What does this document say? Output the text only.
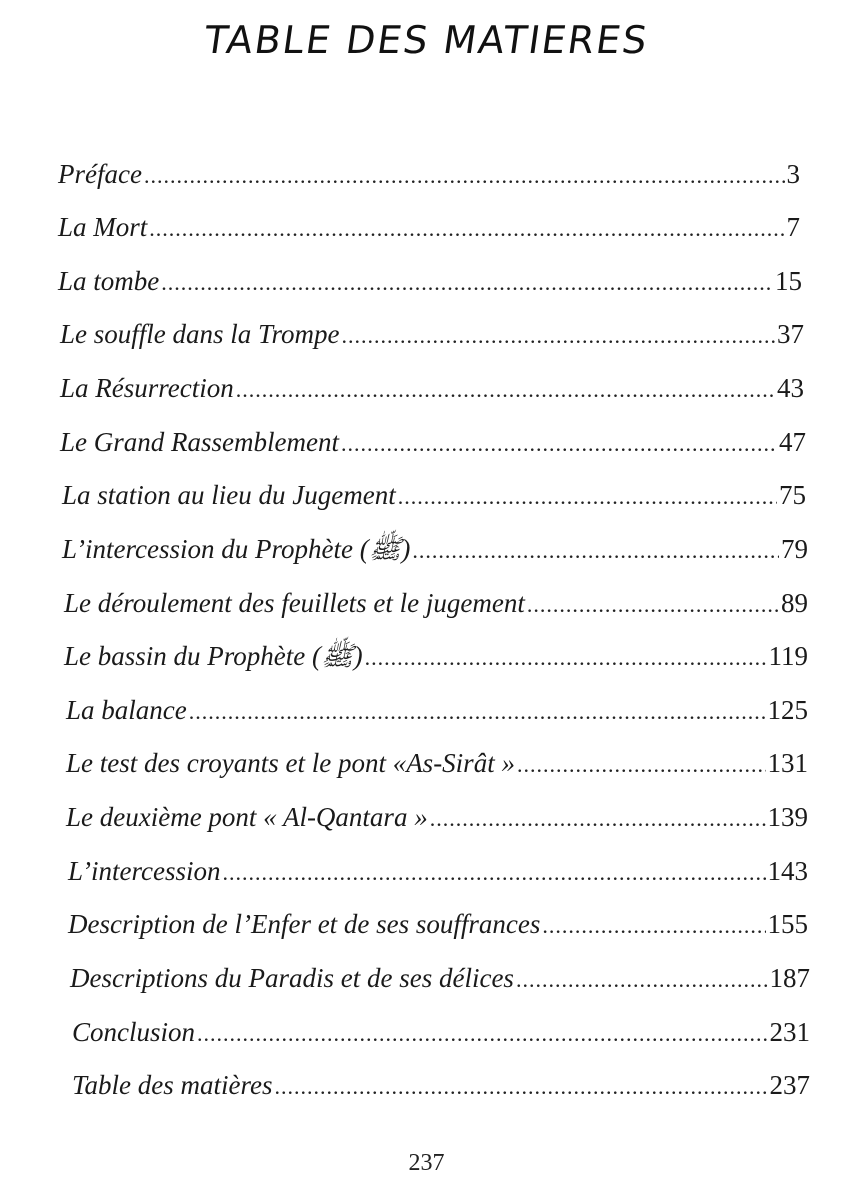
TABLE DES MATIERES
Préface .....	3
La Mort .....	7
La tombe .....	15
Le souffle dans la Trompe .....	37
La Résurrection .....	43
Le Grand Rassemblement .....	47
La station au lieu du Jugement .....	75
L’intercession du Prophète (ﷺ) .....	79
Le déroulement des feuillets et le jugement .....	89
Le bassin du Prophète (ﷺ) .....	119
La balance .....	125
Le test des croyants et le pont «As-Sirât » .....	131
Le deuxième pont « Al-Qantara » .....	139
L’intercession .....	143
Description de l’Enfer et de ses souffrances .....	155
Descriptions du Paradis et de ses délices .....	187
Conclusion .....	231
Table des matières .....	237
237
